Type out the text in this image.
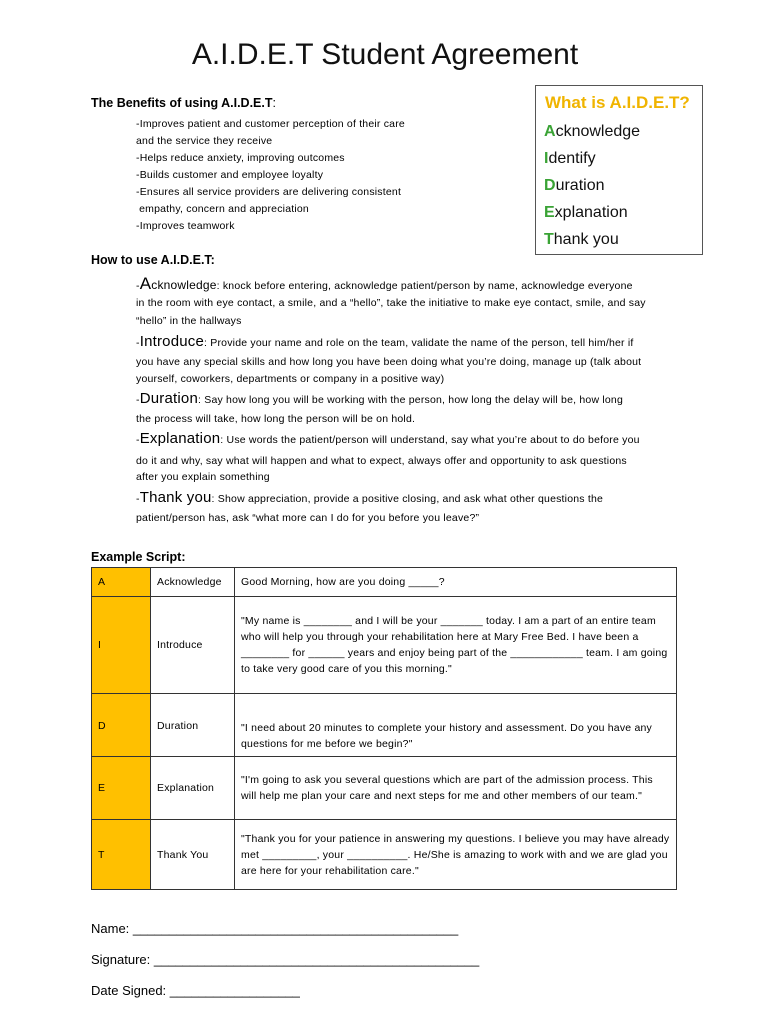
A.I.D.E.T Student Agreement
The Benefits of using A.I.D.E.T:
-Improves patient and customer perception of their care
and the service they receive
-Helps reduce anxiety, improving outcomes
-Builds customer and employee loyalty
-Ensures all service providers are delivering consistent
empathy, concern and appreciation
-Improves teamwork
What is A.I.D.E.T?
Acknowledge
Identify
Duration
Explanation
Thank you
How to use A.I.D.E.T:
-Acknowledge: knock before entering, acknowledge patient/person by name, acknowledge everyone
in the room with eye contact, a smile, and a “hello”, take the initiative to make eye contact, smile, and say
“hello” in the hallways
-Introduce: Provide your name and role on the team, validate the name of the person, tell him/her if
you have any special skills and how long you have been doing what you’re doing, manage up (talk about
yourself, coworkers, departments or company in a positive way)
-Duration: Say how long you will be working with the person, how long the delay will be, how long
the process will take, how long the person will be on hold.
-Explanation: Use words the patient/person will understand, say what you’re about to do before you
do it and why, say what will happen and what to expect, always offer and opportunity to ask questions
after you explain something
-Thank you: Show appreciation, provide a positive closing, and ask what other questions the
patient/person has, ask “what more can I do for you before you leave?”
Example Script:
A	Acknowledge	Good Morning, how are you doing _____?
I	Introduce	"My name is ________ and I will be your _______ today. I am a part of an entire team who will help you through your rehabilitation here at Mary Free Bed. I have been a ________ for ______ years and enjoy being part of the ____________ team. I am going to take very good care of you this morning."
D	Duration	"I need about 20 minutes to complete your history and assessment. Do you have any questions for me before we begin?"
E	Explanation	"I'm going to ask you several questions which are part of the admission process. This will help me plan your care and next steps for me and other members of our team."
T	Thank You	"Thank you for your patience in answering my questions. I believe you may have already met _________, your __________. He/She is amazing to work with and we are glad you are here for your rehabilitation care."
Name: _____________________________________________
Signature: _____________________________________________
Date Signed: __________________
